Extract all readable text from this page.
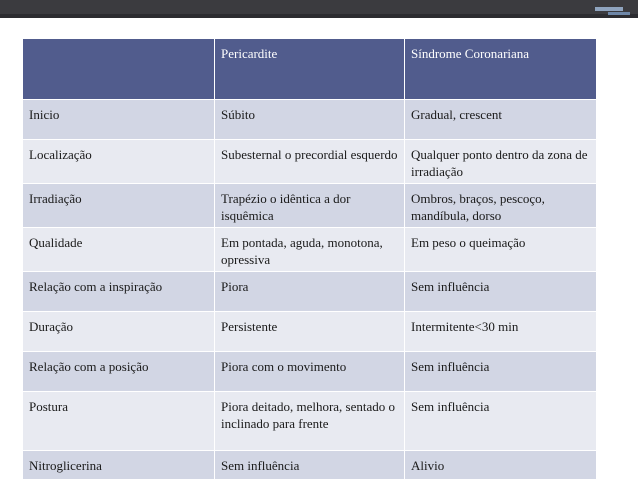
	Pericardite	Síndrome Coronariana
Inicio	Súbito	Gradual, crescent
Localização	Subesternal o precordial esquerdo	Qualquer ponto dentro da zona de irradiação
Irradiação	Trapézio o idêntica a dor isquêmica	Ombros, braços, pescoço, mandíbula, dorso
Qualidade	Em pontada, aguda, monotona, opressiva	Em peso o queimação
Relação com a inspiração	Piora	Sem influência
Duração	Persistente	Intermitente<30 min
Relação com a posição	Piora com o movimento	Sem influência
Postura	Piora deitado, melhora, sentado o inclinado para frente	Sem influência
Nitroglicerina	Sem influência	Alivio
